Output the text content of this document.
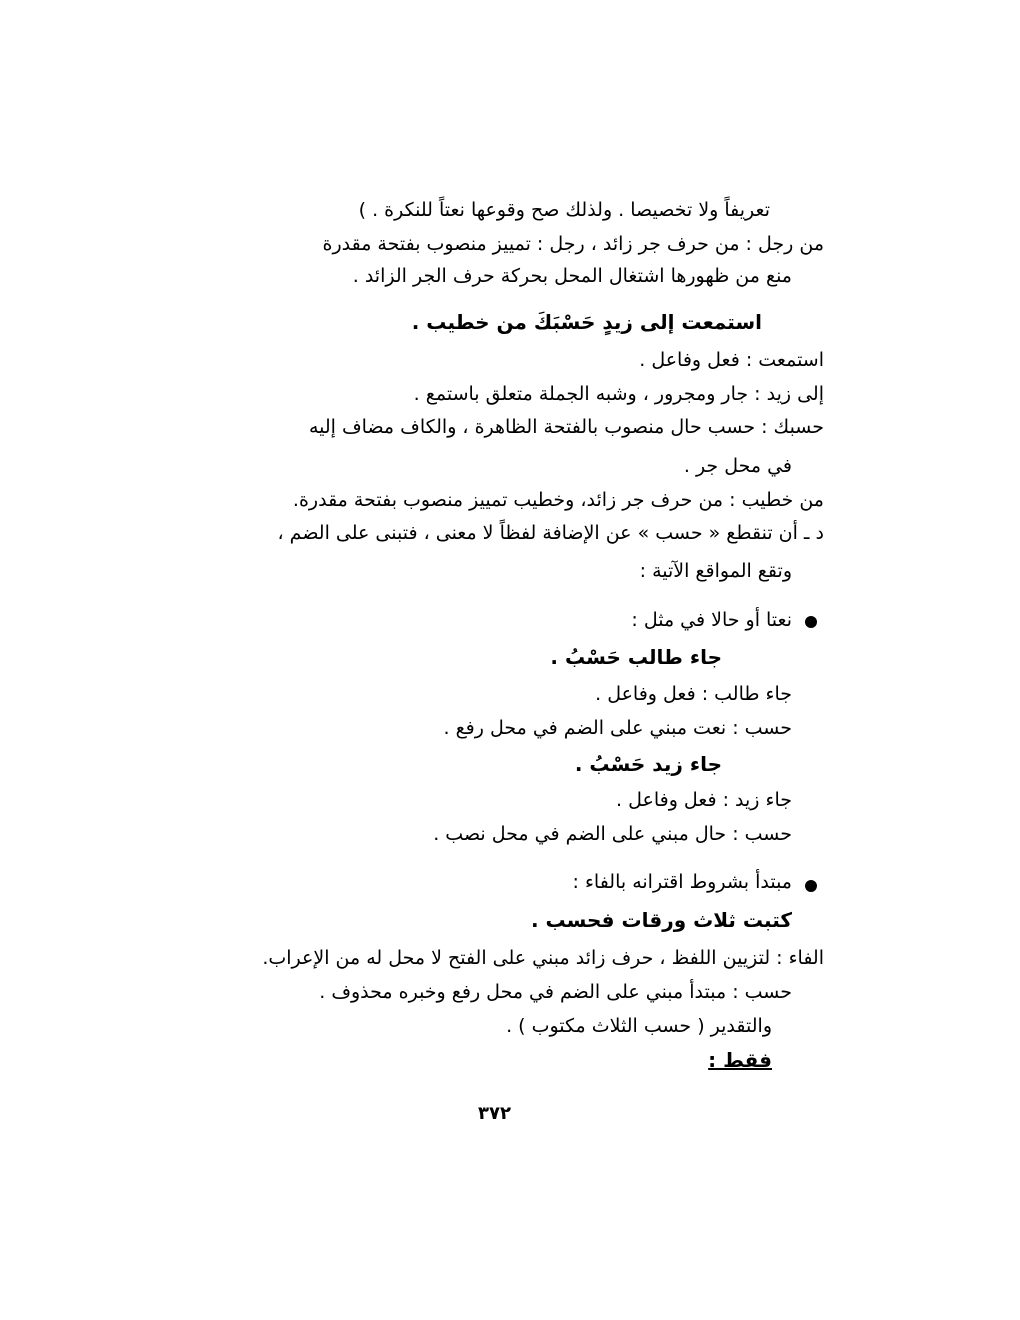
تعريفاً ولا تخصيصا . ولذلك صح وقوعها نعتاً للنكرة . )
من رجل : من حرف جر زائد ، رجل : تمييز منصوب بفتحة مقدرة
منع من ظهورها اشتغال المحل بحركة حرف الجر الزائد .
استمعت إلى زيدٍ حَسْبَكَ من خطيب .
استمعت : فعل وفاعل .
إلى زيد : جار ومجرور ، وشبه الجملة متعلق باستمع .
حسبك : حسب حال منصوب بالفتحة الظاهرة ، والكاف مضاف إليه
في محل جر .
من خطيب : من حرف جر زائد، وخطيب تمييز منصوب بفتحة مقدرة.
د ـ أن تنقطع « حسب » عن الإضافة لفظاً لا معنى ، فتبنى على الضم ،
وتقع المواقع الآتية :
نعتا أو حالا في مثل :
جاء طالب حَسْبُ .
جاء طالب : فعل وفاعل .
حسب : نعت مبني على الضم في محل رفع .
جاء زيد حَسْبُ .
جاء زيد : فعل وفاعل .
حسب : حال مبني على الضم في محل نصب .
مبتدأ بشروط اقترانه بالفاء :
كتبت ثلاث ورقات فحسب .
الفاء : لتزيين اللفظ ، حرف زائد مبني على الفتح لا محل له من الإعراب.
حسب : مبتدأ مبني على الضم في محل رفع وخبره محذوف .
والتقدير ( حسب الثلاث مكتوب ) .
فقط :
٣٧٢
